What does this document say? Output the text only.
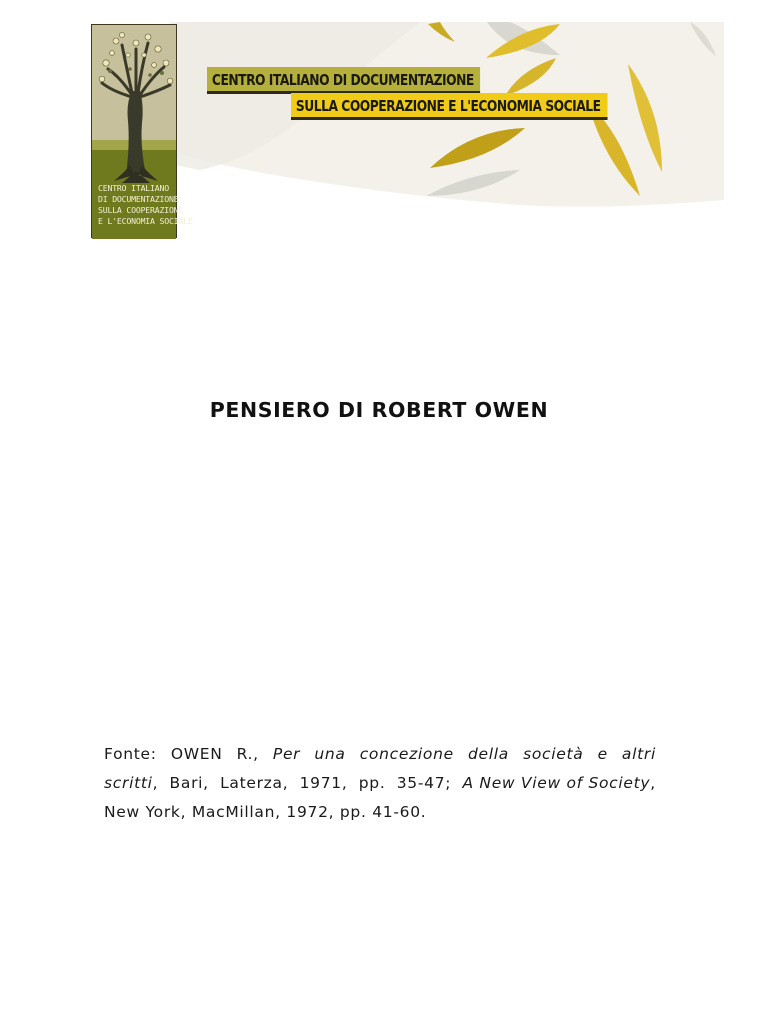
CENTRO ITALIANO
DI DOCUMENTAZIONE
SULLA COOPERAZIONE
E L'ECONOMIA SOCIALE
CENTRO ITALIANO DI DOCUMENTAZIONE
SULLA COOPERAZIONE E L'ECONOMIA SOCIALE
PENSIERO DI ROBERT OWEN
Fonte: OWEN R., Per una concezione della società e altri
scritti, Bari, Laterza, 1971, pp. 35-47; A New View of Society,
New York, MacMillan, 1972, pp. 41-60.
